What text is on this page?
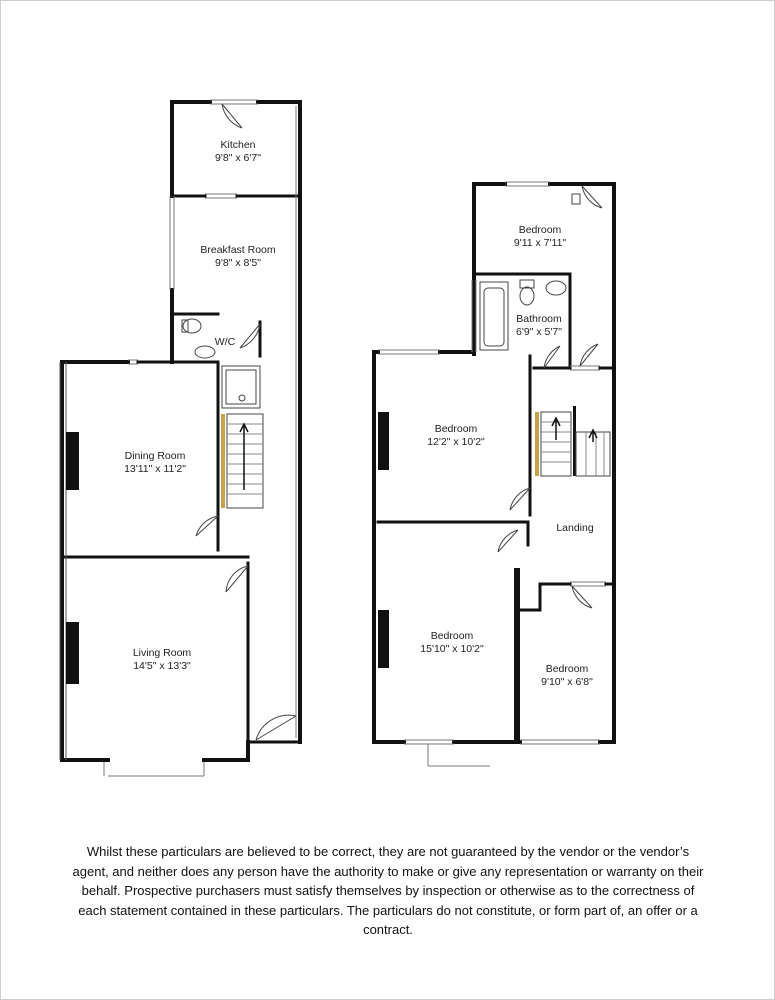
Kitchen
9'8" x 6'7"
Breakfast Room
9'8" x 8'5"
W/C
Dining Room
13'11" x 11'2"
Living Room
14'5" x 13'3"
Bedroom
9'11 x 7'11"
Bathroom
6'9" x 5'7"
Bedroom
12'2" x 10'2"
Landing
Bedroom
15'10" x 10'2"
Bedroom
9'10" x 6'8"
Whilst these particulars are believed to be correct, they are not guaranteed by the vendor or the vendor’s agent, and neither does any person have the authority to make or give any representation or warranty on their behalf. Prospective purchasers must satisfy themselves by inspection or otherwise as to the correctness of each statement contained in these particulars. The particulars do not constitute, or form part of, an offer or a contract.
